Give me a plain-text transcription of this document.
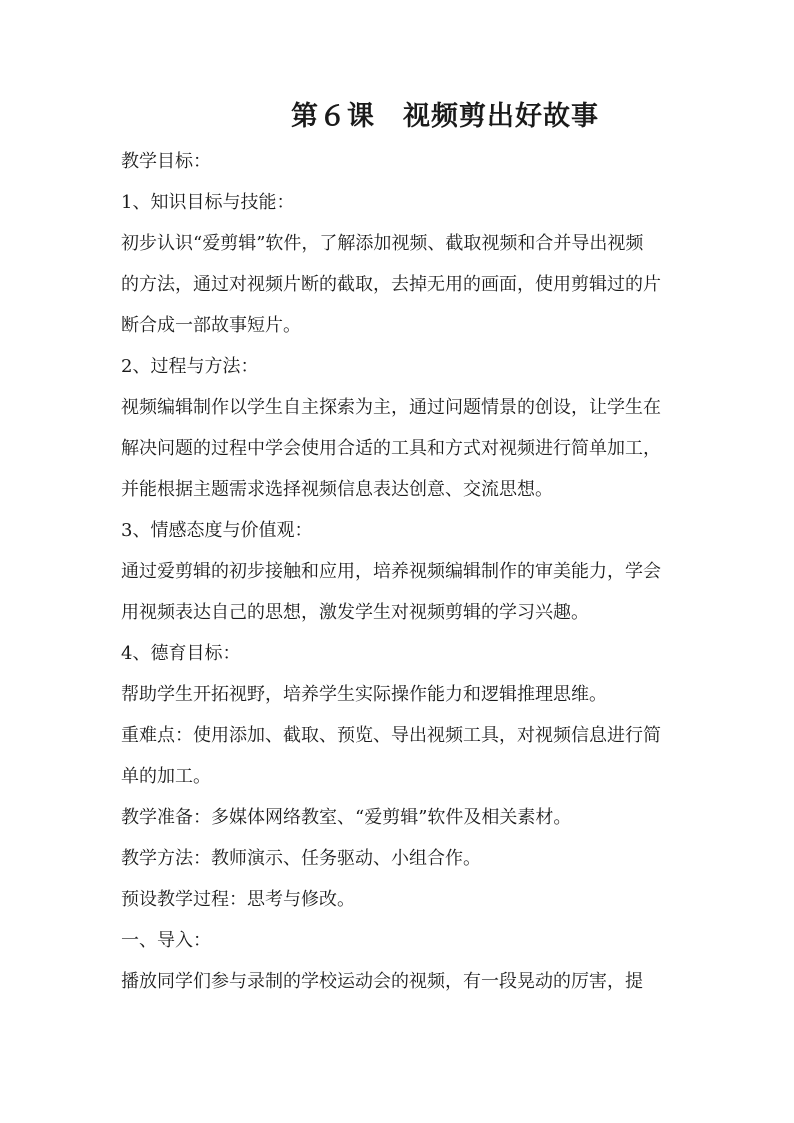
第６课　视频剪出好故事
教学目标：
1、知识目标与技能：
初步认识“爱剪辑”软件，了解添加视频、截取视频和合并导出视频
的方法，通过对视频片断的截取，去掉无用的画面，使用剪辑过的片
断合成一部故事短片。
2、过程与方法：
视频编辑制作以学生自主探索为主，通过问题情景的创设，让学生在
解决问题的过程中学会使用合适的工具和方式对视频进行简单加工，
并能根据主题需求选择视频信息表达创意、交流思想。
3、情感态度与价值观：
通过爱剪辑的初步接触和应用，培养视频编辑制作的审美能力，学会
用视频表达自己的思想，激发学生对视频剪辑的学习兴趣。
4、德育目标：
帮助学生开拓视野，培养学生实际操作能力和逻辑推理思维。
重难点：使用添加、截取、预览、导出视频工具，对视频信息进行简
单的加工。
教学准备：多媒体网络教室、“爱剪辑”软件及相关素材。
教学方法：教师演示、任务驱动、小组合作。
预设教学过程：思考与修改。
一、导入：
播放同学们参与录制的学校运动会的视频，有一段晃动的厉害，提
